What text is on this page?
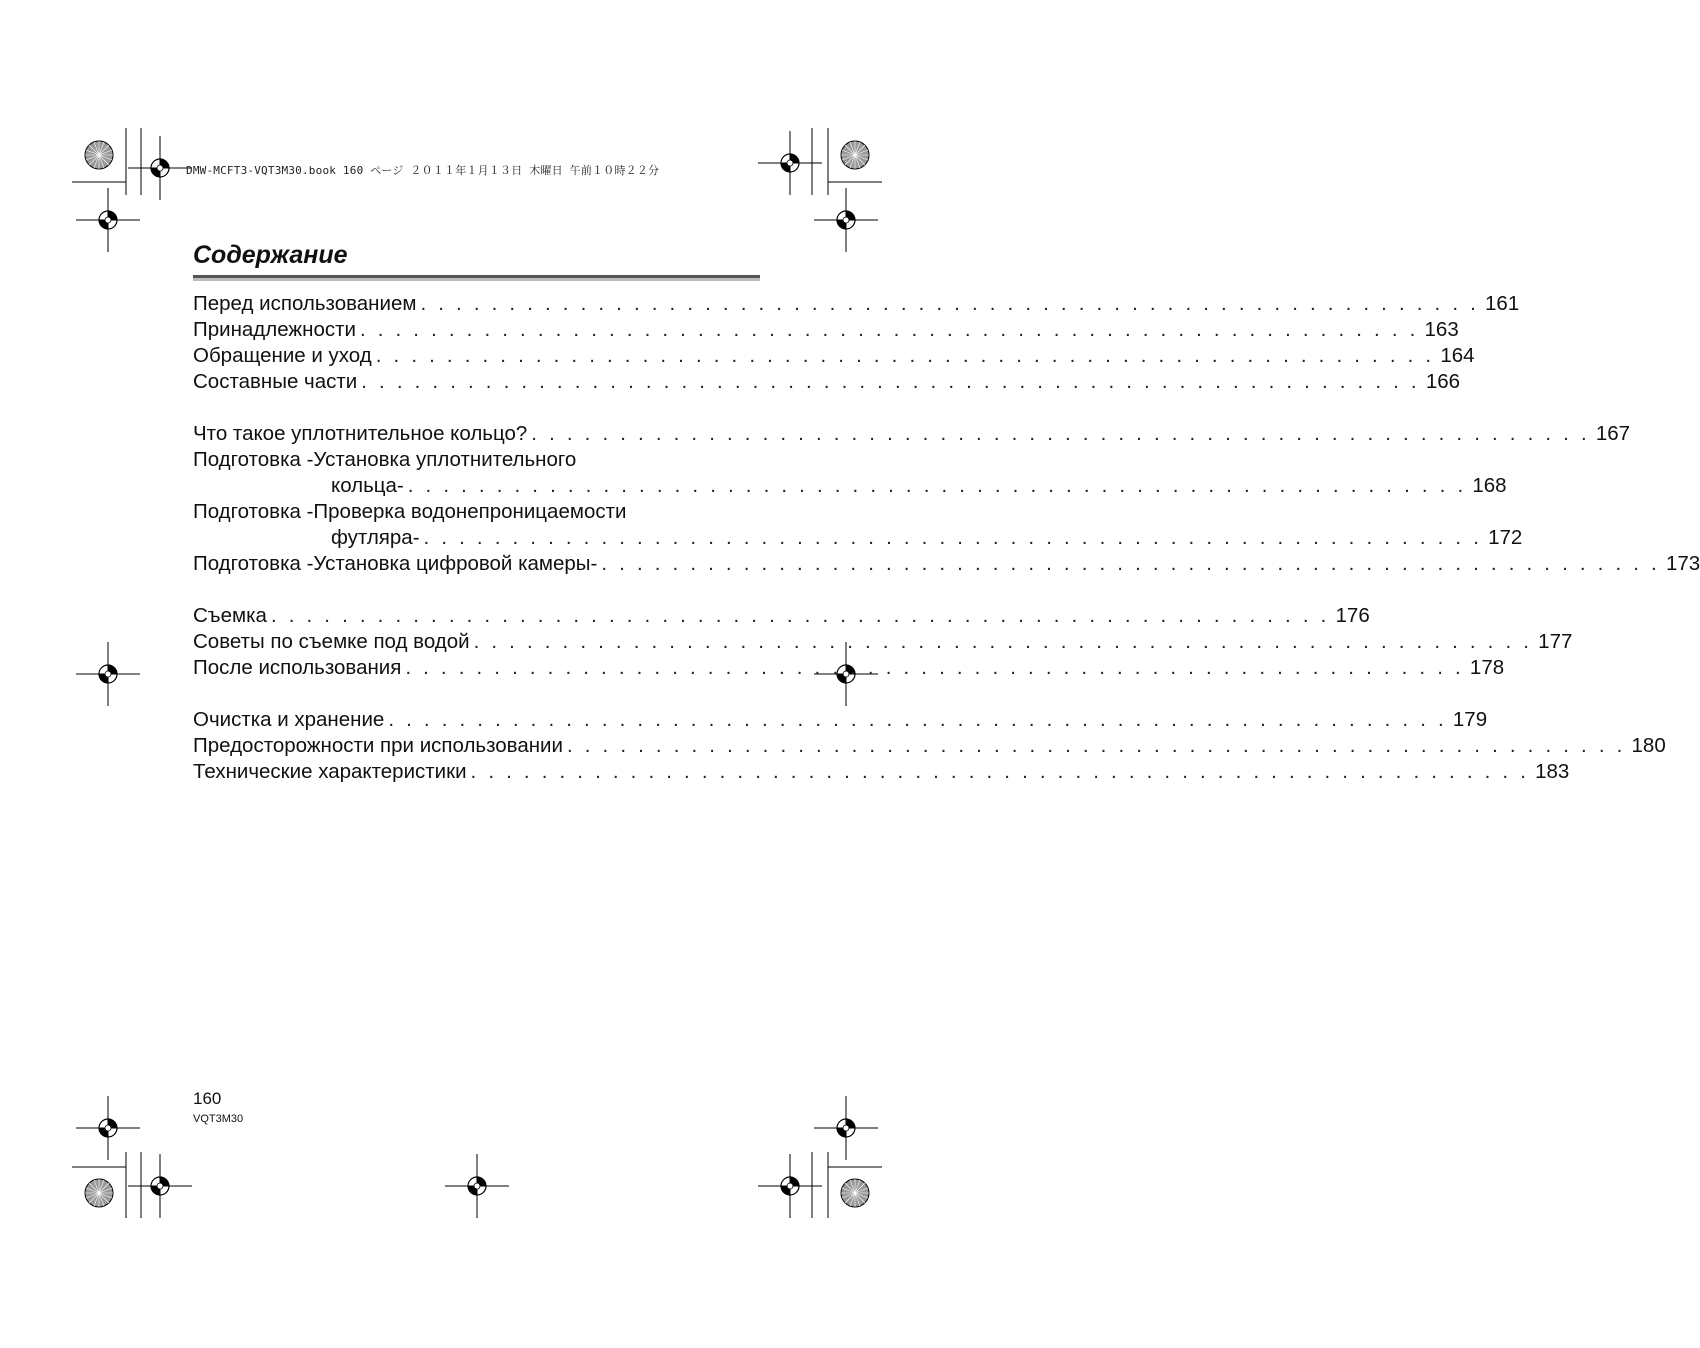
DMW-MCFT3-VQT3M30.book 160 ページ ２０１１年１月１３日 木曜日 午前１０時２２分
Содержание
Перед использованием . . . . . . . . . . . . . . . . . . . . . . . . . . . . . . . . . . . . . . . . . . . . . . . . . . . . . . . . . . . . 161
Принадлежности . . . . . . . . . . . . . . . . . . . . . . . . . . . . . . . . . . . . . . . . . . . . . . . . . . . . . . . . . . . . 163
Обращение и уход . . . . . . . . . . . . . . . . . . . . . . . . . . . . . . . . . . . . . . . . . . . . . . . . . . . . . . . . . . . . 164
Составные части . . . . . . . . . . . . . . . . . . . . . . . . . . . . . . . . . . . . . . . . . . . . . . . . . . . . . . . . . . . . 166
Что такое уплотнительное кольцо? . . . . . . . . . . . . . . . . . . . . . . . . . . . . . . . . . . . . . . . . . . . . . . . . . . . . . . . . . . . . 167
Подготовка -Установка уплотнительного
кольца- . . . . . . . . . . . . . . . . . . . . . . . . . . . . . . . . . . . . . . . . . . . . . . . . . . . . . . . . . . . . 168
Подготовка -Проверка водонепроницаемости
футляра- . . . . . . . . . . . . . . . . . . . . . . . . . . . . . . . . . . . . . . . . . . . . . . . . . . . . . . . . . . . . 172
Подготовка -Установка цифровой камеры- . . . . . . . . . . . . . . . . . . . . . . . . . . . . . . . . . . . . . . . . . . . . . . . . . . . . . . . . . . . . 173
Съемка . . . . . . . . . . . . . . . . . . . . . . . . . . . . . . . . . . . . . . . . . . . . . . . . . . . . . . . . . . . . 176
Советы по съемке под водой . . . . . . . . . . . . . . . . . . . . . . . . . . . . . . . . . . . . . . . . . . . . . . . . . . . . . . . . . . . . 177
После использования . . . . . . . . . . . . . . . . . . . . . . . . . . . . . . . . . . . . . . . . . . . . . . . . . . . . . . . . . . . . 178
Очистка и хранение . . . . . . . . . . . . . . . . . . . . . . . . . . . . . . . . . . . . . . . . . . . . . . . . . . . . . . . . . . . . 179
Предосторожности при использовании . . . . . . . . . . . . . . . . . . . . . . . . . . . . . . . . . . . . . . . . . . . . . . . . . . . . . . . . . . . . 180
Технические характеристики . . . . . . . . . . . . . . . . . . . . . . . . . . . . . . . . . . . . . . . . . . . . . . . . . . . . . . . . . . . . 183
160
VQT3M30
